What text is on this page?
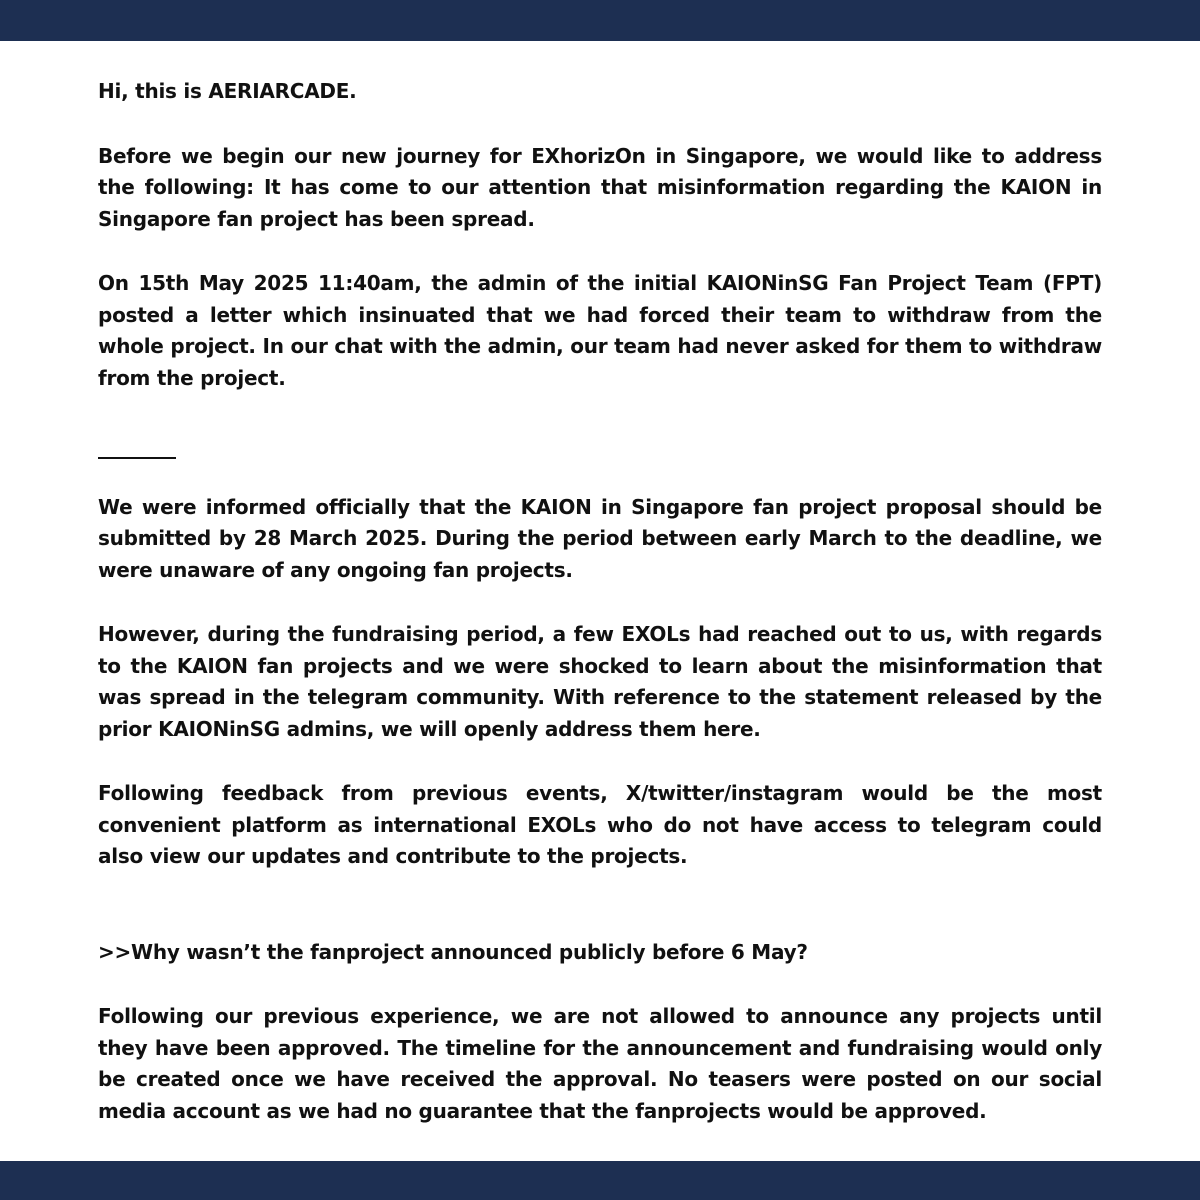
Hi, this is AERIARCADE.

Before we begin our new journey for EXhorizOn in Singapore, we would like to address the following: It has come to our attention that misinformation regarding the KAION in Singapore fan project has been spread.

On 15th May 2025 11:40am, the admin of the initial KAIONinSG Fan Project Team (FPT) posted a letter which insinuated that we had forced their team to withdraw from the whole project. In our chat with the admin, our team had never asked for them to withdraw from the project.

We were informed officially that the KAION in Singapore fan project proposal should be submitted by 28 March 2025. During the period between early March to the deadline, we were unaware of any ongoing fan projects.

However, during the fundraising period, a few EXOLs had reached out to us, with regards to the KAION fan projects and we were shocked to learn about the misinformation that was spread in the telegram community. With reference to the statement released by the prior KAIONinSG admins, we will openly address them here.

Following feedback from previous events, X/twitter/instagram would be the most convenient platform as international EXOLs who do not have access to telegram could also view our updates and contribute to the projects.

>>Why wasn’t the fanproject announced publicly before 6 May?

Following our previous experience, we are not allowed to announce any projects until they have been approved. The timeline for the announcement and fundraising would only be created once we have received the approval. No teasers were posted on our social media account as we had no guarantee that the fanprojects would be approved.
